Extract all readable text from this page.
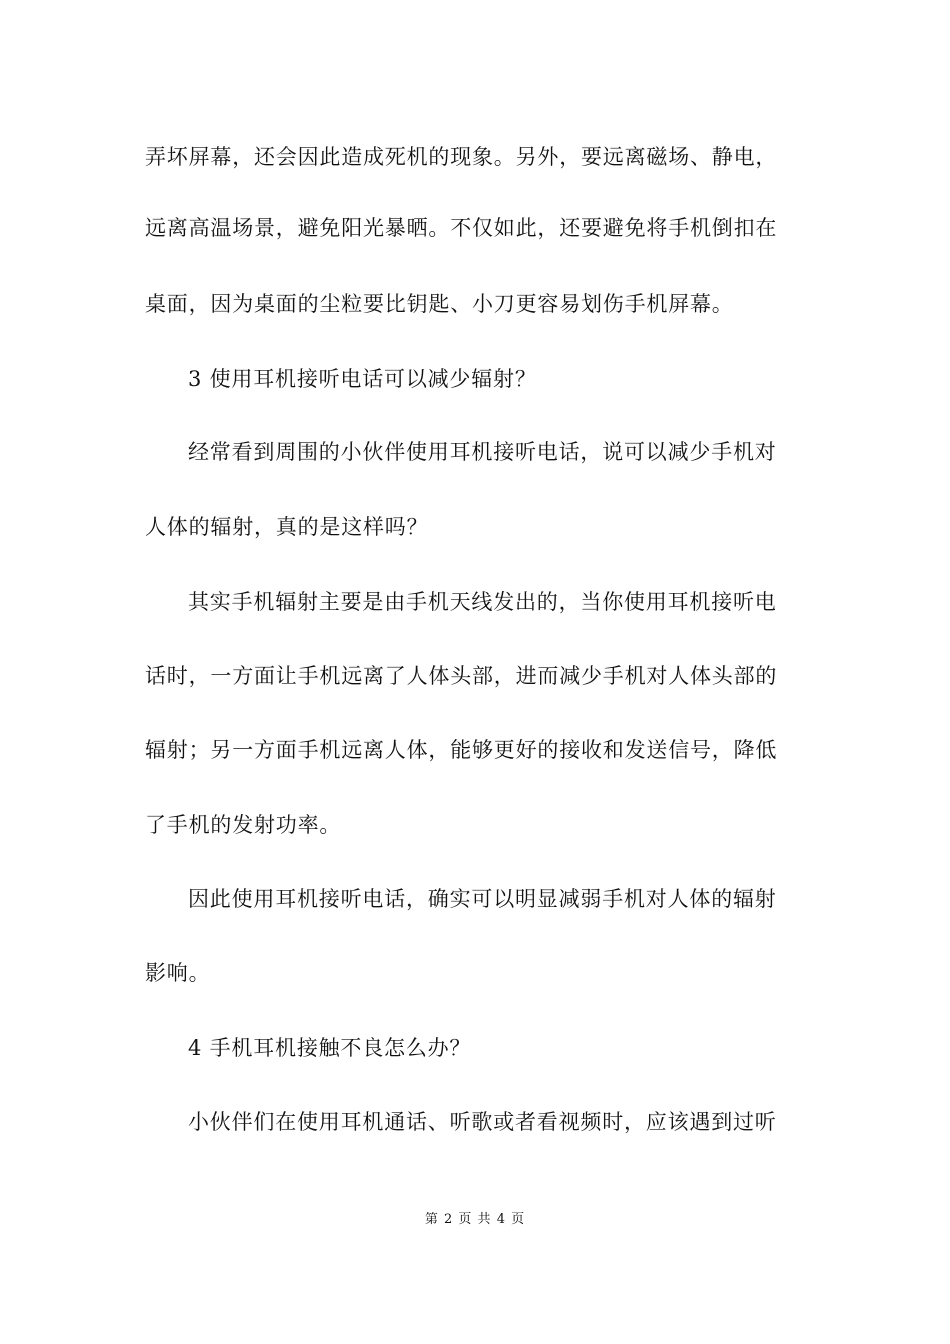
弄坏屏幕，还会因此造成死机的现象。另外，要远离磁场、静电，
远离高温场景，避免阳光暴晒。不仅如此，还要避免将手机倒扣在
桌面，因为桌面的尘粒要比钥匙、小刀更容易划伤手机屏幕。
3 使用耳机接听电话可以减少辐射？
经常看到周围的小伙伴使用耳机接听电话，说可以减少手机对
人体的辐射，真的是这样吗？
其实手机辐射主要是由手机天线发出的，当你使用耳机接听电
话时，一方面让手机远离了人体头部，进而减少手机对人体头部的
辐射；另一方面手机远离人体，能够更好的接收和发送信号，降低
了手机的发射功率。
因此使用耳机接听电话，确实可以明显减弱手机对人体的辐射
影响。
4 手机耳机接触不良怎么办？
小伙伴们在使用耳机通话、听歌或者看视频时，应该遇到过听
第 2 页 共 4 页
